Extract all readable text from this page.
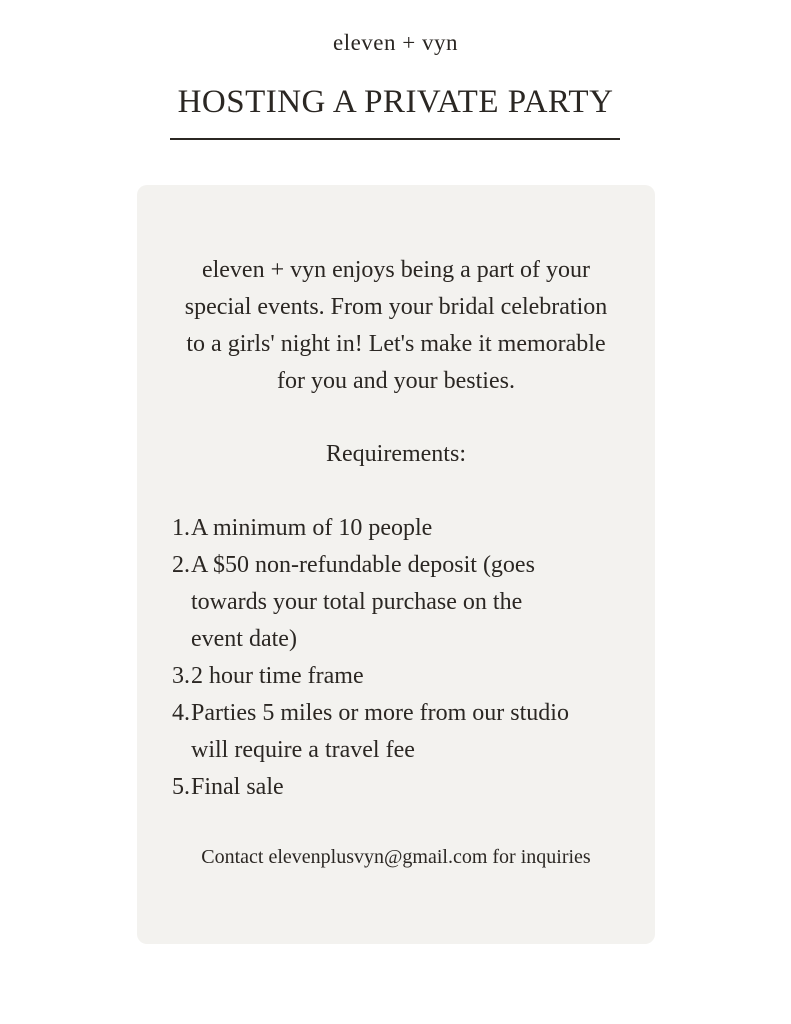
eleven + vyn
HOSTING A PRIVATE PARTY
eleven + vyn enjoys being a part of your
special events. From your bridal celebration
to a girls' night in! Let's make it memorable
for you and your besties.
Requirements:
1. A minimum of 10 people
2. A $50 non-refundable deposit (goes
towards your total purchase on the
event date)
3. 2 hour time frame
4. Parties 5 miles or more from our studio
will require a travel fee
5. Final sale
Contact elevenplusvyn@gmail.com for inquiries
